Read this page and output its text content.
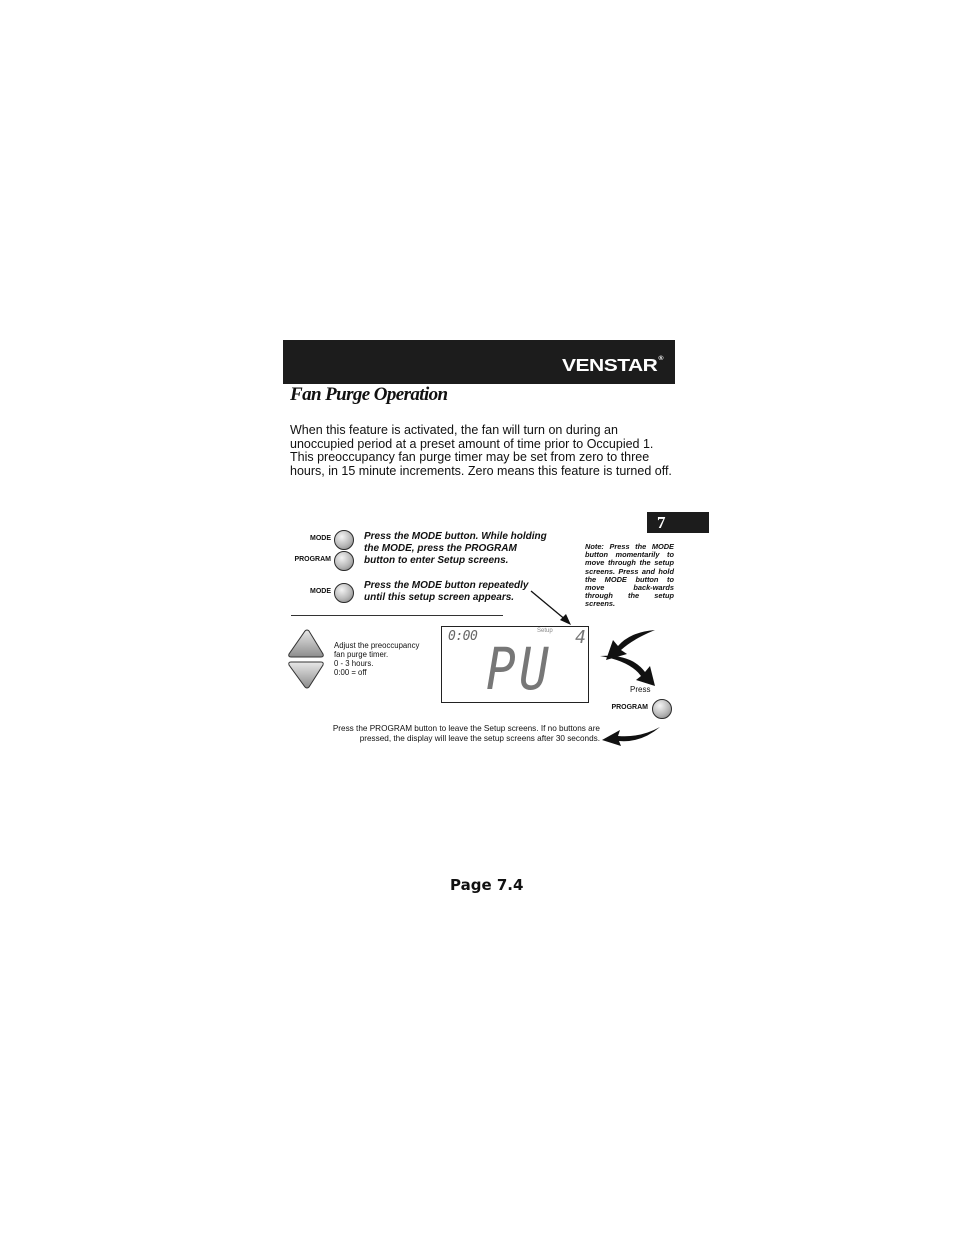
VENSTAR®
Fan Purge Operation
When this feature is activated, the fan will turn on during an
unoccupied period at a preset amount of time prior to Occupied 1.
This preoccupancy fan purge timer may be set from zero to three
hours, in 15 minute increments. Zero means this feature is turned off.
7
MODE
PROGRAM
MODE
Press the MODE button. While holding
the MODE, press the PROGRAM
button to enter Setup screens.
Press the MODE button repeatedly
until this setup screen appears.
Note: Press the MODE button momentarily to move through the setup screens. Press and hold the MODE button to move back-wards through the setup screens.
Adjust the preoccupancy
fan purge timer.
0 - 3 hours.
0:00 = off
0:00	Setup 4
PU	Press
PROGRAM
Press the PROGRAM button to leave the Setup screens. If no buttons are
pressed, the display will leave the setup screens after 30 seconds.
Page 7.4
